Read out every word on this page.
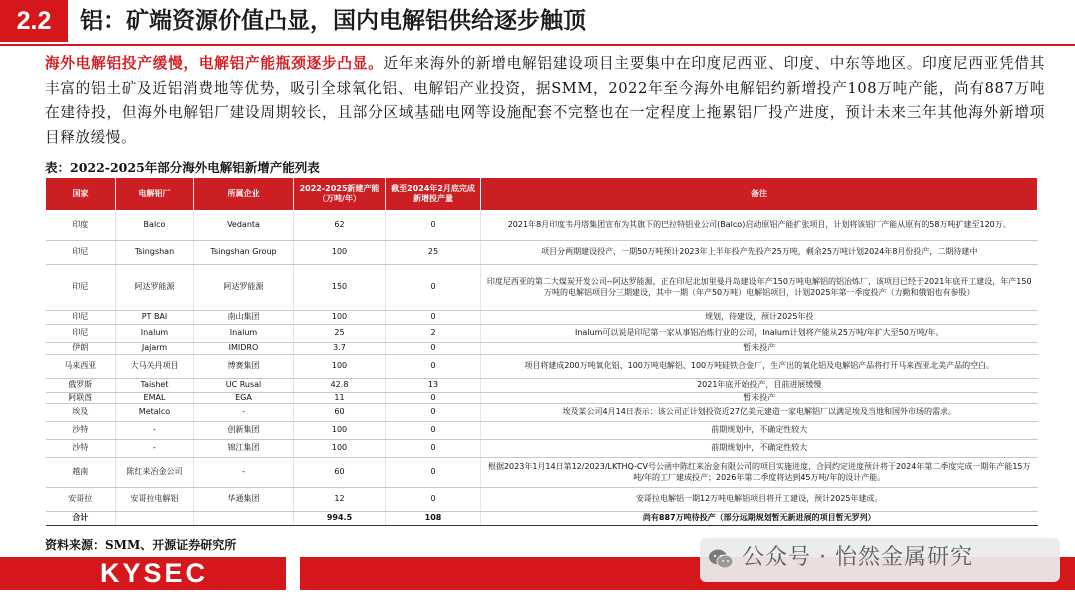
2.2	铝：矿端资源价值凸显，国内电解铝供给逐步触顶
海外电解铝投产缓慢，电解铝产能瓶颈逐步凸显。近年来海外的新增电解铝建设项目主要集中在印度尼西亚、印度、中东等地区。印度尼西亚凭借其丰富的铝土矿及近铝消费地等优势，吸引全球氧化铝、电解铝产业投资，据SMM，2022年至今海外电解铝约新增投产108万吨产能，尚有887万吨在建待投，但海外电解铝厂建设周期较长，且部分区域基础电网等设施配套不完整也在一定程度上拖累铝厂投产进度，预计未来三年其他海外新增项目释放缓慢。
表：2022-2025年部分海外电解铝新增产能列表
国家	电解铝厂	所属企业	2022-2025新建产能（万吨/年）	截至2024年2月底完成新增投产量	备注
印度	Balco	Vedanta	62	0	2021年8月印度韦丹塔集团宣布为其旗下的巴拉特铝业公司(Balco)启动原铝产能扩张项目，计划将该铝厂产能从原有的58万吨扩建至120万。
印尼	Tsingshan	Tsingshan Group	100	25	项目分两期建设投产，一期50万吨预计2023年上半年投产先投产25万吨，剩余25万吨计划2024年8月份投产，二期待建中
印尼	阿达罗能源	阿达罗能源	150	0	印度尼西亚的第二大煤炭开发公司--阿达罗能源，正在印尼北加里曼丹岛建设年产150万吨电解铝的铝冶炼厂，该项目已经于2021年底开工建设，年产150万吨的电解铝项目分三期建设，其中一期（年产50万吨）电解铝项目，计划2025年第一季度投产（力勤和俄铝也有参股）
印尼	PT BAI	南山集团	100	0	规划，待建设，预计2025年投
印尼	Inalum	Inalum	25	2	Inalum可以说是印尼第一家从事铝冶炼行业的公司，Inalum计划将产能从25万吨/年扩大至50万吨/年。
伊朗	Jajarm	IMIDRO	3.7	0	暂未投产
马来西亚	大马关丹项目	博赛集团	100	0	项目将建成200万吨氧化铝、100万吨电解铝、100万吨硅铁合金厂，生产出的氧化铝及电解铝产品将打开马来西亚北美产品的空白。
俄罗斯	Taishet	UC Rusal	42.8	13	2021年底开始投产，目前进展缓慢
阿联酋	EMAL	EGA	11	0	暂未投产
埃及	Metalco	-	60	0	埃及某公司4月14日表示：该公司正计划投资近27亿美元建造一家电解铝厂以满足埃及当地和国外市场的需求。
沙特	-	创新集团	100	0	前期规划中，不确定性较大
沙特	-	锦江集团	100	0	前期规划中，不确定性较大
越南	陈红来冶金公司	-	60	0	根据2023年1月14日第12/2023/LKTHQ-CV号公函中陈红来冶金有限公司的项目实施进度，合同约定进度预计将于2024年第二季度完成一期年产能15万吨/年的工厂建成投产；2026年第二季度将达到45万吨/年的设计产能。
安哥拉	安哥拉电解铝	华通集团	12	0	安哥拉电解铝一期12万吨电解铝项目将开工建设，预计2025年建成。
合计			994.5	108	尚有887万吨待投产（部分远期规划暂无新进展的项目暂无罗列）
资料来源：SMM、开源证券研究所
KYSEC
公众号 · 怡然金属研究
